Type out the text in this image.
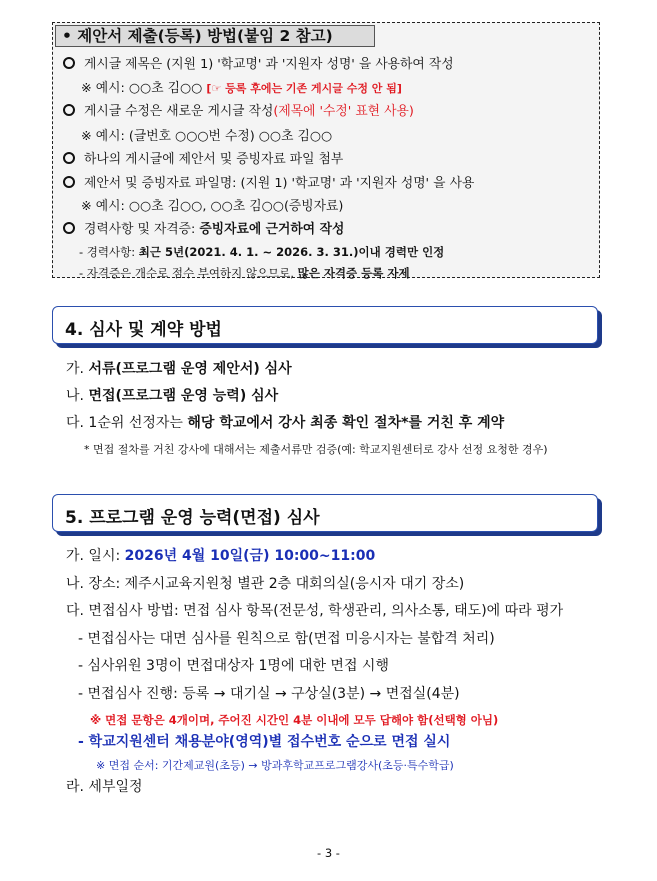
• 제안서 제출(등록) 방법(붙임 2 참고)
게시글 제목은 (지원 1) '학교명' 과 '지원자 성명' 을 사용하여 작성
※ 예시: ○○초 김○○ [☞ 등록 후에는 기존 게시글 수정 안 됨]
게시글 수정은 새로운 게시글 작성(제목에 '수정' 표현 사용)
※ 예시: (글번호 ○○○번 수정) ○○초 김○○
하나의 게시글에 제안서 및 증빙자료 파일 첨부
제안서 및 증빙자료 파일명: (지원 1) '학교명' 과 '지원자 성명' 을 사용
※ 예시: ○○초 김○○, ○○초 김○○(증빙자료)
경력사항 및 자격증: 증빙자료에 근거하여 작성
- 경력사항: 최근 5년(2021. 4. 1. ~ 2026. 3. 31.)이내 경력만 인정
- 자격증은 개수로 점수 부여하지 않으므로, 많은 자격증 등록 자제
4. 심사 및 계약 방법
가. 서류(프로그램 운영 제안서) 심사
나. 면접(프로그램 운영 능력) 심사
다. 1순위 선정자는 해당 학교에서 강사 최종 확인 절차*를 거친 후 계약
* 면접 절차를 거친 강사에 대해서는 제출서류만 검증(예: 학교지원센터로 강사 선정 요청한 경우)
5. 프로그램 운영 능력(면접) 심사
가. 일시: 2026년 4월 10일(금) 10:00~11:00
나. 장소: 제주시교육지원청 별관 2층 대회의실(응시자 대기 장소)
다. 면접심사 방법: 면접 심사 항목(전문성, 학생관리, 의사소통, 태도)에 따라 평가
- 면접심사는 대면 심사를 원칙으로 함(면접 미응시자는 불합격 처리)
- 심사위원 3명이 면접대상자 1명에 대한 면접 시행
- 면접심사 진행: 등록 → 대기실 → 구상실(3분) → 면접실(4분)
※ 면접 문항은 4개이며, 주어진 시간인 4분 이내에 모두 답해야 함(선택형 아님)
- 학교지원센터 채용분야(영역)별 접수번호 순으로 면접 실시
※ 면접 순서: 기간제교원(초등) → 방과후학교프로그램강사(초등·특수학급)
라. 세부일정
- 3 -
